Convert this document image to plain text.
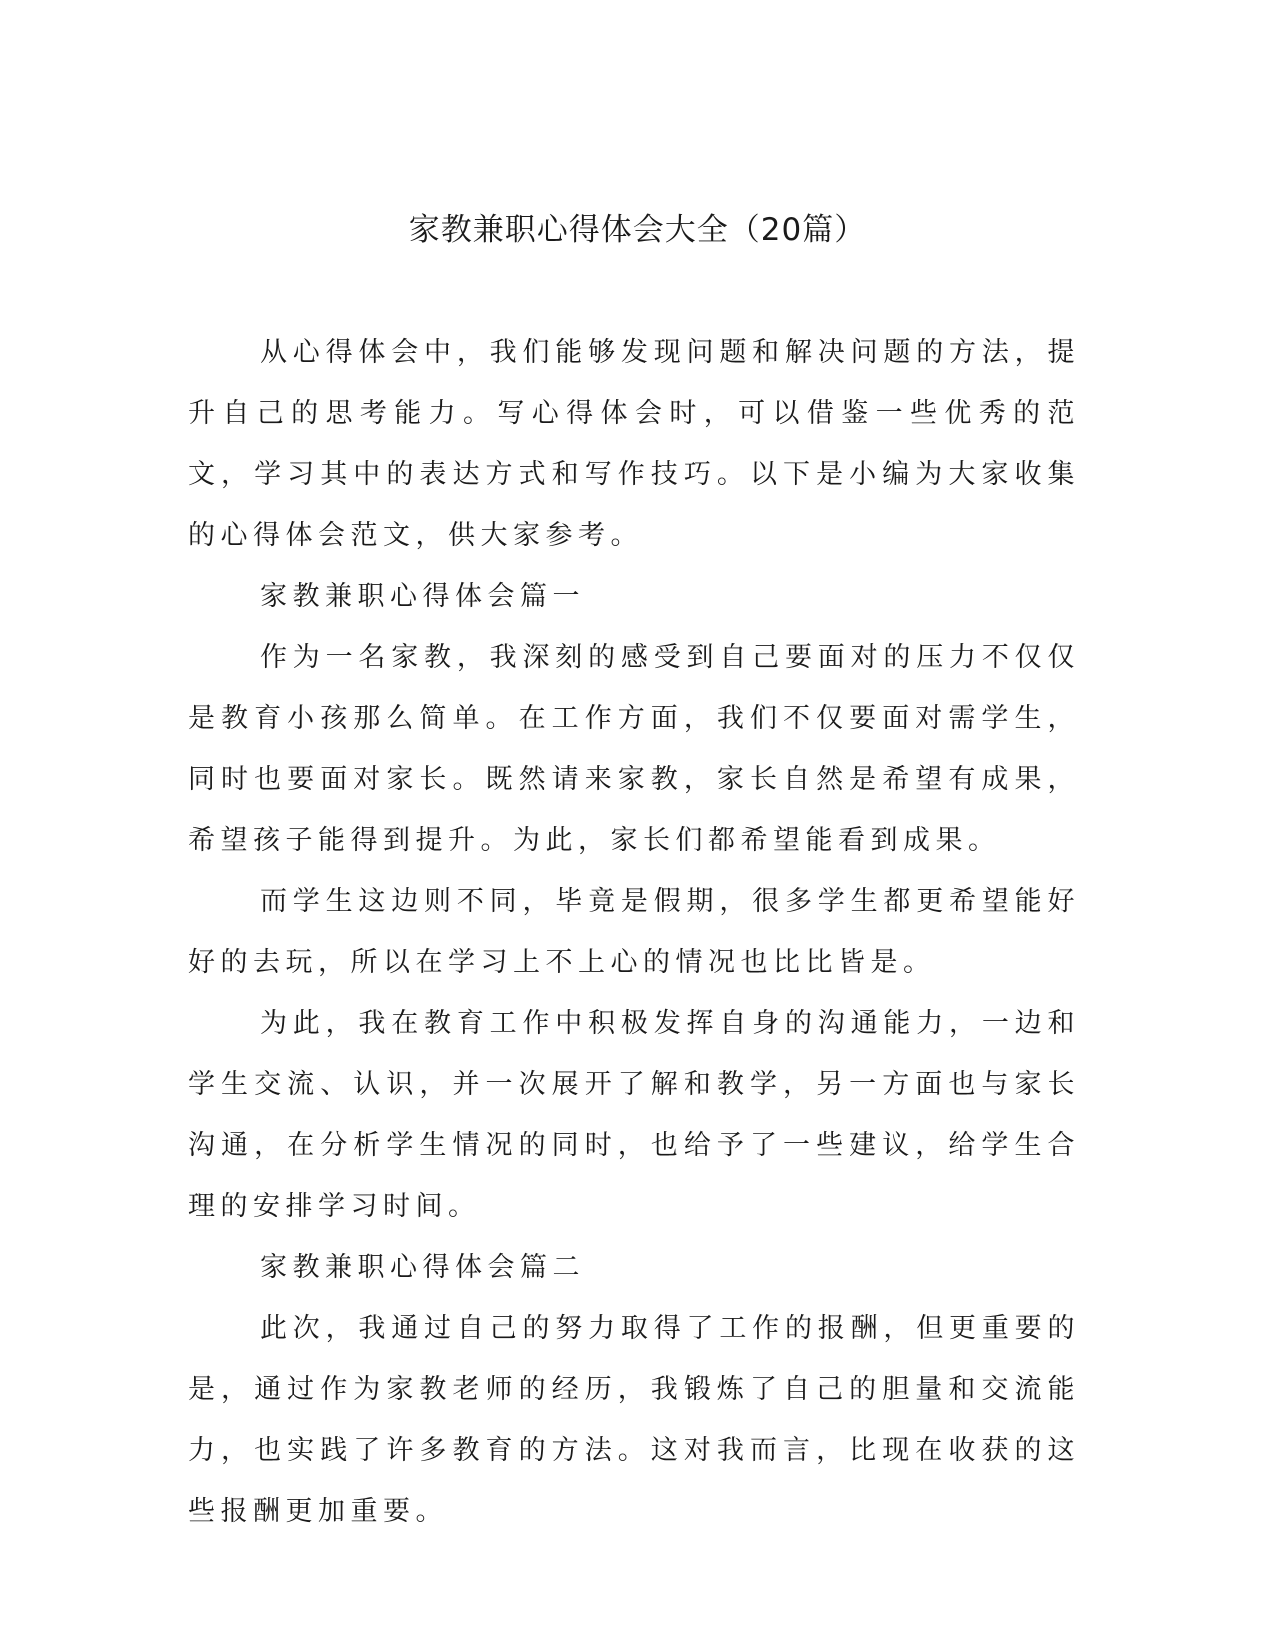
家教兼职心得体会大全（20篇）

从心得体会中，我们能够发现问题和解决问题的方法，提升自己的思考能力。写心得体会时，可以借鉴一些优秀的范文，学习其中的表达方式和写作技巧。以下是小编为大家收集的心得体会范文，供大家参考。

家教兼职心得体会篇一

作为一名家教，我深刻的感受到自己要面对的压力不仅仅是教育小孩那么简单。在工作方面，我们不仅要面对需学生，同时也要面对家长。既然请来家教，家长自然是希望有成果，希望孩子能得到提升。为此，家长们都希望能看到成果。

而学生这边则不同，毕竟是假期，很多学生都更希望能好好的去玩，所以在学习上不上心的情况也比比皆是。

为此，我在教育工作中积极发挥自身的沟通能力，一边和学生交流、认识，并一次展开了解和教学，另一方面也与家长沟通，在分析学生情况的同时，也给予了一些建议，给学生合理的安排学习时间。

家教兼职心得体会篇二

此次，我通过自己的努力取得了工作的报酬，但更重要的是，通过作为家教老师的经历，我锻炼了自己的胆量和交流能力，也实践了许多教育的方法。这对我而言，比现在收获的这些报酬更加重要。
